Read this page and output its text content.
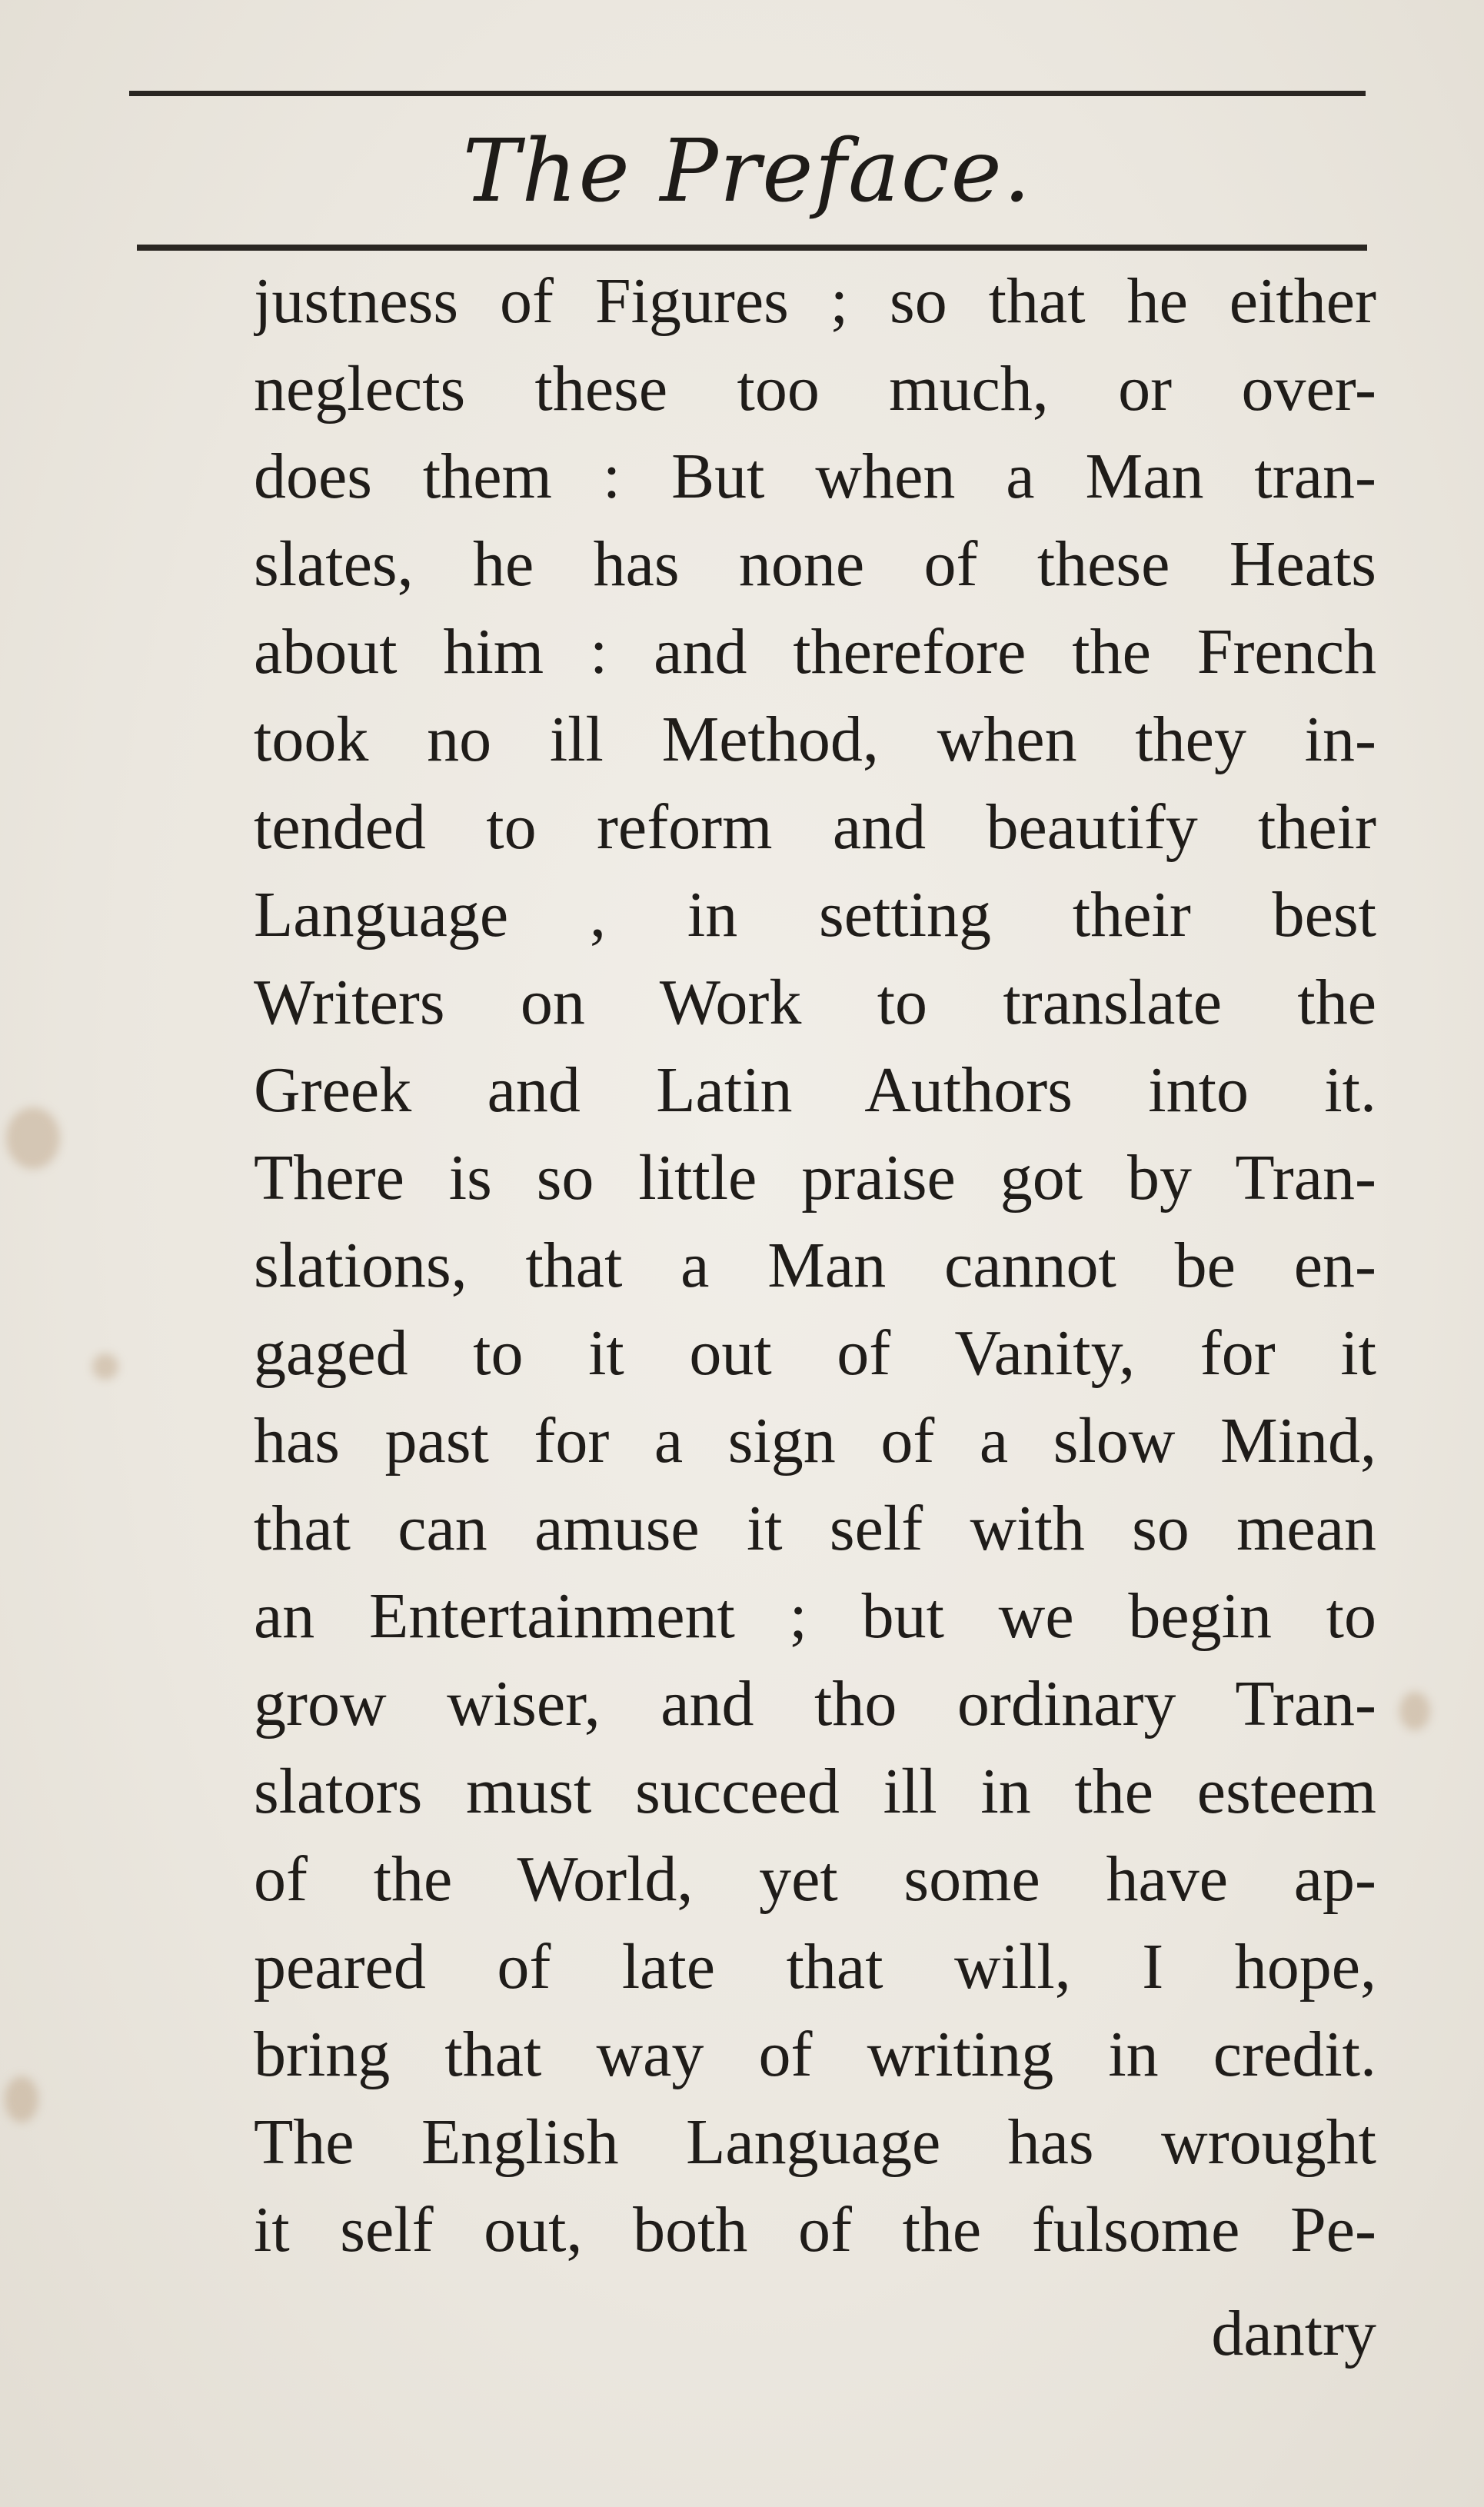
The Preface.
justness of Figures ; so that he either
neglects these too much, or over-
does them : But when a Man tran-
slates, he has none of these Heats
about him : and therefore the French
took no ill Method, when they in-
tended to reform and beautify their
Language , in setting their best
Writers on Work to translate the
Greek and Latin Authors into it.
There is so little praise got by Tran-
slations, that a Man cannot be en-
gaged to it out of Vanity, for it
has past for a sign of a slow Mind,
that can amuse it self with so mean
an Entertainment ; but we begin to
grow wiser, and tho ordinary Tran-
slators must succeed ill in the esteem
of the World, yet some have ap-
peared of late that will, I hope,
bring that way of writing in credit.
The English Language has wrought
it self out, both of the fulsome Pe-
dantry
